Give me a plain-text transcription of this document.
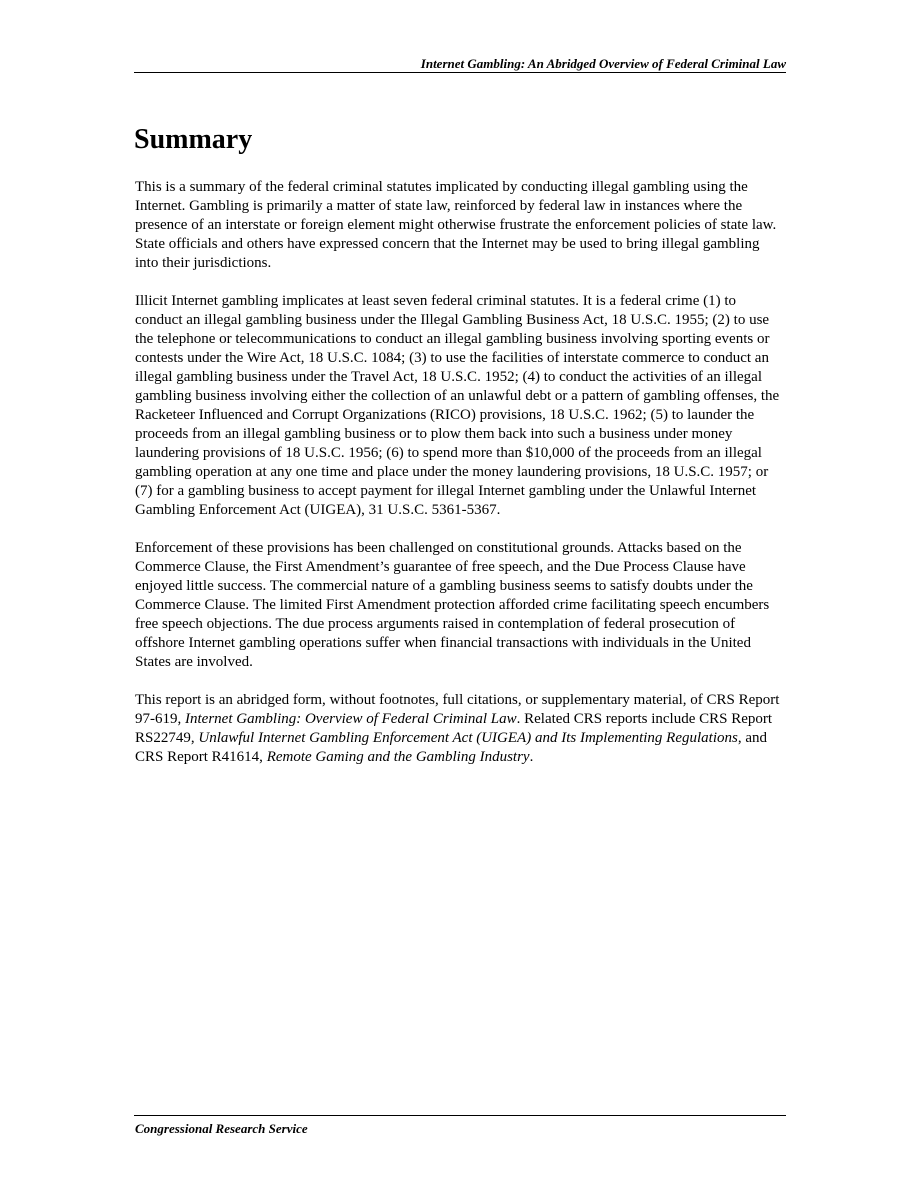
Internet Gambling: An Abridged Overview of Federal Criminal Law
Summary

This is a summary of the federal criminal statutes implicated by conducting illegal gambling using the Internet. Gambling is primarily a matter of state law, reinforced by federal law in instances where the presence of an interstate or foreign element might otherwise frustrate the enforcement policies of state law. State officials and others have expressed concern that the Internet may be used to bring illegal gambling into their jurisdictions.

Illicit Internet gambling implicates at least seven federal criminal statutes. It is a federal crime (1) to conduct an illegal gambling business under the Illegal Gambling Business Act, 18 U.S.C. 1955; (2) to use the telephone or telecommunications to conduct an illegal gambling business involving sporting events or contests under the Wire Act, 18 U.S.C. 1084; (3) to use the facilities of interstate commerce to conduct an illegal gambling business under the Travel Act, 18 U.S.C. 1952; (4) to conduct the activities of an illegal gambling business involving either the collection of an unlawful debt or a pattern of gambling offenses, the Racketeer Influenced and Corrupt Organizations (RICO) provisions, 18 U.S.C. 1962; (5) to launder the proceeds from an illegal gambling business or to plow them back into such a business under money laundering provisions of 18 U.S.C. 1956; (6) to spend more than $10,000 of the proceeds from an illegal gambling operation at any one time and place under the money laundering provisions, 18 U.S.C. 1957; or (7) for a gambling business to accept payment for illegal Internet gambling under the Unlawful Internet Gambling Enforcement Act (UIGEA), 31 U.S.C. 5361-5367.

Enforcement of these provisions has been challenged on constitutional grounds. Attacks based on the Commerce Clause, the First Amendment’s guarantee of free speech, and the Due Process Clause have enjoyed little success. The commercial nature of a gambling business seems to satisfy doubts under the Commerce Clause. The limited First Amendment protection afforded crime facilitating speech encumbers free speech objections. The due process arguments raised in contemplation of federal prosecution of offshore Internet gambling operations suffer when financial transactions with individuals in the United States are involved.

This report is an abridged form, without footnotes, full citations, or supplementary material, of CRS Report 97-619, Internet Gambling: Overview of Federal Criminal Law. Related CRS reports include CRS Report RS22749, Unlawful Internet Gambling Enforcement Act (UIGEA) and Its Implementing Regulations, and CRS Report R41614, Remote Gaming and the Gambling Industry.

Congressional Research Service
